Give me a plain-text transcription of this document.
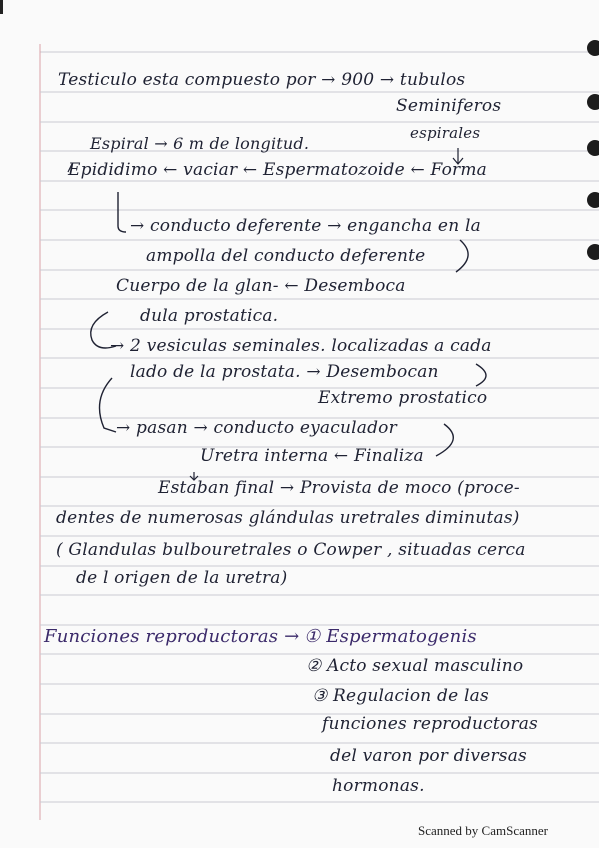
Testiculo esta compuesto por → 900 → tubulos
Seminiferos
espirales
Espiral → 6 m de longitud.
Epididimo ← vaciar ← Espermatozoide ← Forma
→ conducto deferente → engancha en la
ampolla del conducto deferente
Cuerpo de la glan- ← Desemboca
dula prostatica.
→ 2 vesiculas seminales. localizadas a cada
lado de la prostata. → Desembocan
Extremo prostatico
→ pasan → conducto eyaculador
Uretra interna ← Finaliza
Estaban final → Provista de moco (proce-
dentes de numerosas glándulas uretrales diminutas)
( Glandulas bulbouretrales o Cowper , situadas cerca
de l origen de la uretra)
Funciones reproductoras → ① Espermatogenis
② Acto sexual masculino
③ Regulacion de las
funciones reproductoras
del varon por diversas
hormonas.
Scanned by CamScanner
